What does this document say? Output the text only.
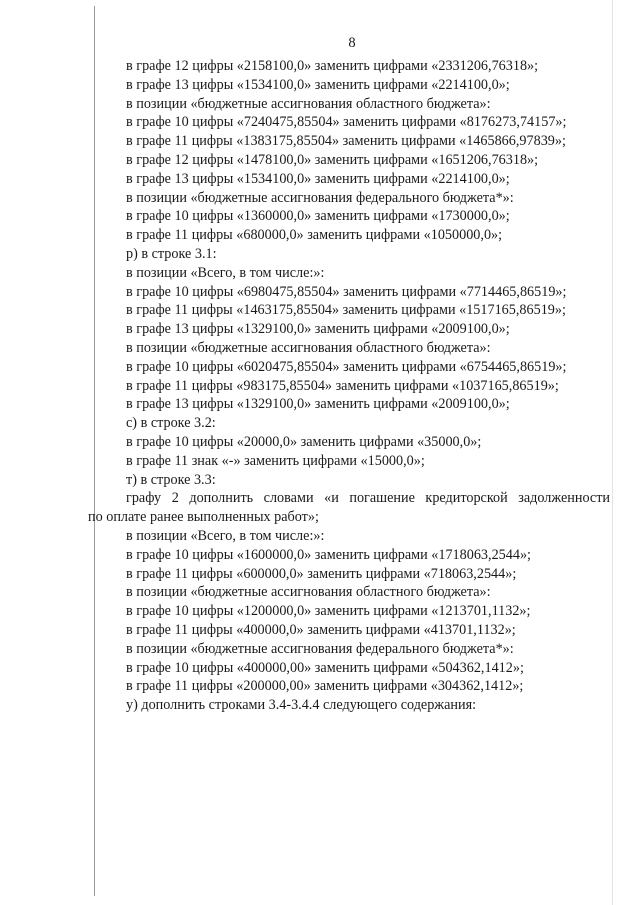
8
в графе 12 цифры «2158100,0» заменить цифрами «2331206,76318»;
в графе 13 цифры «1534100,0» заменить цифрами «2214100,0»;
в позиции «бюджетные ассигнования областного бюджета»:
в графе 10 цифры «7240475,85504» заменить цифрами «8176273,74157»;
в графе 11 цифры «1383175,85504» заменить цифрами «1465866,97839»;
в графе 12 цифры «1478100,0» заменить цифрами «1651206,76318»;
в графе 13 цифры «1534100,0» заменить цифрами «2214100,0»;
в позиции «бюджетные ассигнования федерального бюджета*»:
в графе 10 цифры «1360000,0» заменить цифрами «1730000,0»;
в графе 11 цифры «680000,0» заменить цифрами «1050000,0»;
р) в строке 3.1:
в позиции «Всего, в том числе:»:
в графе 10 цифры «6980475,85504» заменить цифрами «7714465,86519»;
в графе 11 цифры «1463175,85504» заменить цифрами «1517165,86519»;
в графе 13 цифры «1329100,0» заменить цифрами «2009100,0»;
в позиции «бюджетные ассигнования областного бюджета»:
в графе 10 цифры «6020475,85504» заменить цифрами «6754465,86519»;
в графе 11 цифры «983175,85504» заменить цифрами «1037165,86519»;
в графе 13 цифры «1329100,0» заменить цифрами «2009100,0»;
с) в строке 3.2:
в графе 10 цифры «20000,0» заменить цифрами «35000,0»;
в графе 11 знак «-» заменить цифрами «15000,0»;
т) в строке 3.3:
графу 2 дополнить словами «и погашение кредиторской задолженности
по оплате ранее выполненных работ»;
в позиции «Всего, в том числе:»:
в графе 10 цифры «1600000,0» заменить цифрами «1718063,2544»;
в графе 11 цифры «600000,0» заменить цифрами «718063,2544»;
в позиции «бюджетные ассигнования областного бюджета»:
в графе 10 цифры «1200000,0» заменить цифрами «1213701,1132»;
в графе 11 цифры «400000,0» заменить цифрами «413701,1132»;
в позиции «бюджетные ассигнования федерального бюджета*»:
в графе 10 цифры «400000,00» заменить цифрами «504362,1412»;
в графе 11 цифры «200000,00» заменить цифрами «304362,1412»;
у) дополнить строками 3.4-3.4.4 следующего содержания:
